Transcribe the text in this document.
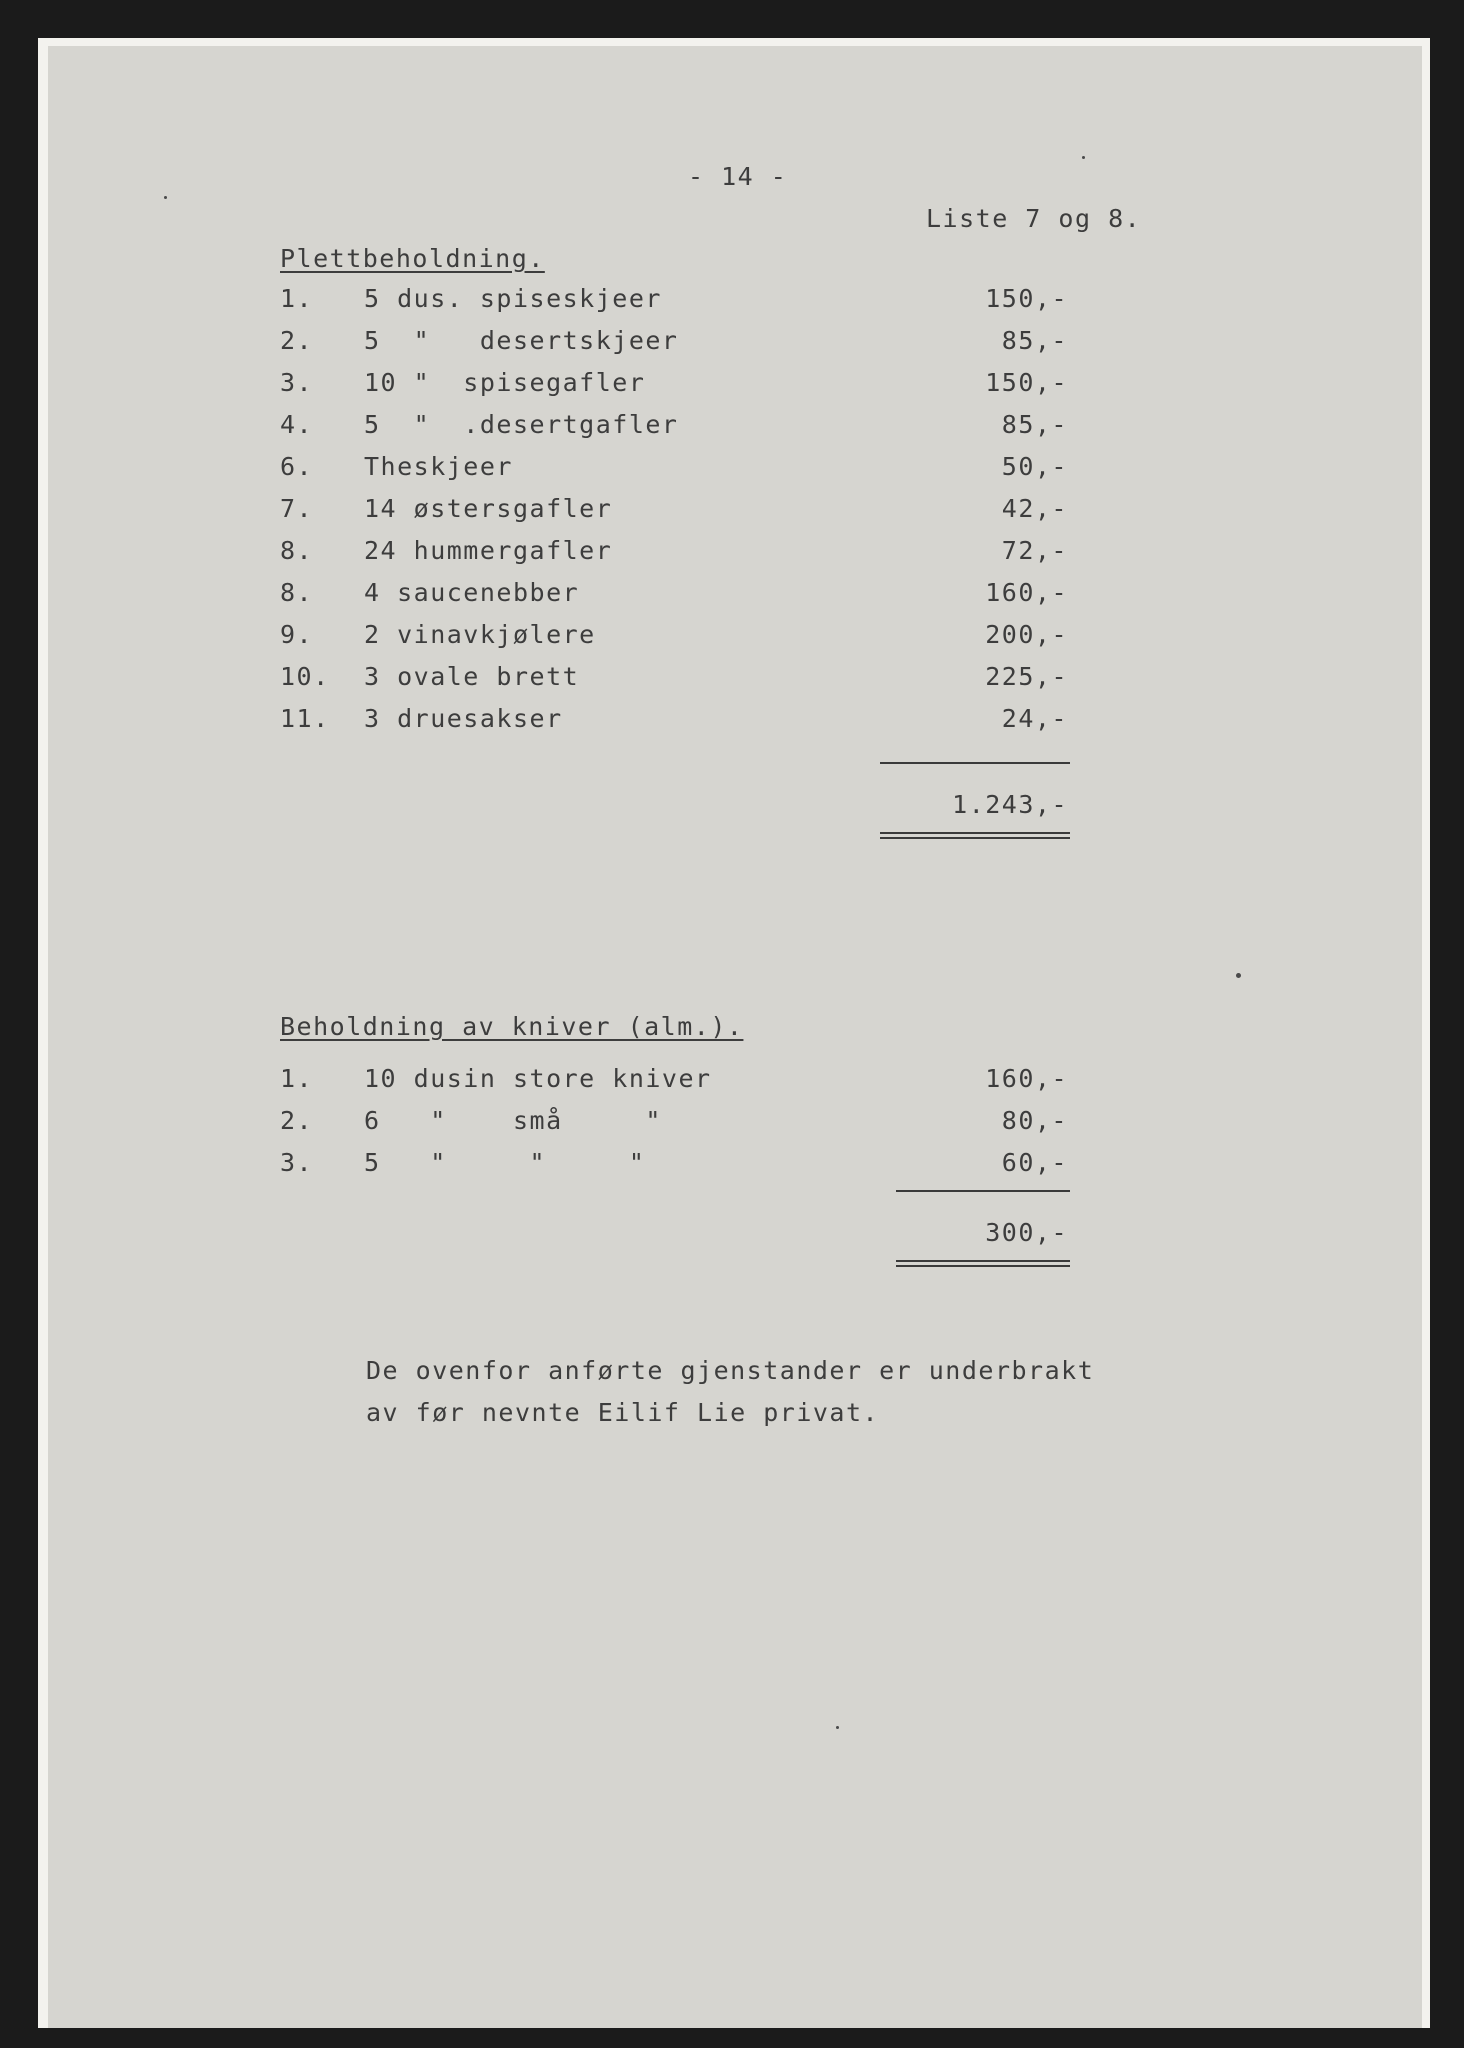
- 14 -
Liste 7 og 8.
Plettbeholdning.
1. 5 dus. spiseskjeer	150,-
2. 5  "   desertskjeer	85,-
3. 10 "  spisegafler	150,-
4. 5  "  .desertgafler	85,-
6. Theskjeer	50,-
7. 14 østersgafler	42,-
8. 24 hummergafler	72,-
8. 4 saucenebber	160,-
9. 2 vinavkjølere	200,-
10. 3 ovale brett	225,-
11. 3 druesakser	24,-
1.243,-
Beholdning av kniver (alm.).
1. 10 dusin store kniver	160,-
2. 6   "    små     "	80,-
3. 5   "     "     "	60,-
300,-
De ovenfor anførte gjenstander er underbrakt
av før nevnte Eilif Lie privat.
